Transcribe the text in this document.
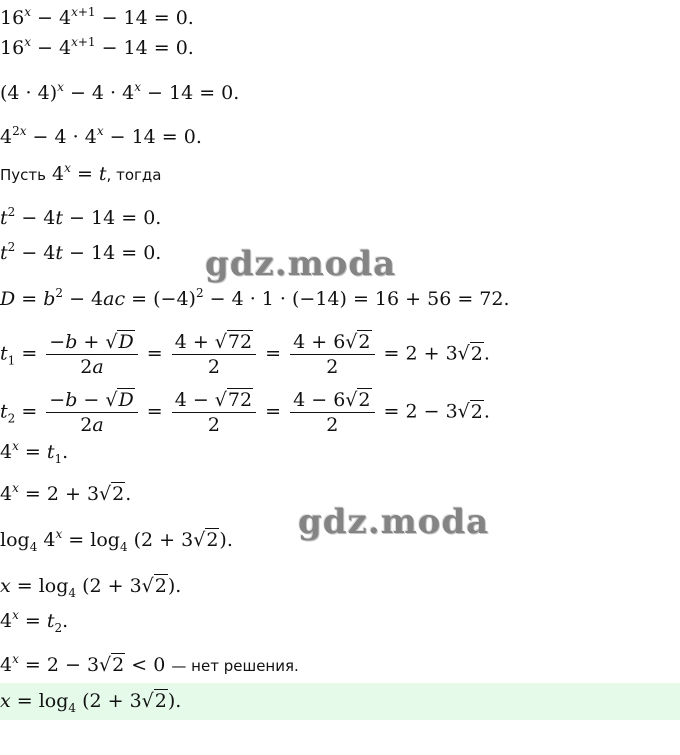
$16^x - 4^{x+1} - 14 = 0$.
$16^x - 4^{x+1} - 14 = 0$.
$(4 \cdot 4)^x - 4 \cdot 4^x - 14 = 0$.
$4^{2x} - 4 \cdot 4^x - 14 = 0$.
Пусть $4^x = t$, тогда
$t^2 - 4t - 14 = 0$.
$t^2 - 4t - 14 = 0$.
$D = b^2 - 4ac = (-4)^2 - 4 \cdot 1 \cdot (-14) = 16 + 56 = 72$.
$t_1 = \frac{-b + √D}{2a} = \frac{4 + √72}{2} = \frac{4 + 6√2}{2} = 2 + 3√2$.
$t_2 = \frac{-b - √D}{2a} = \frac{4 - √72}{2} = \frac{4 - 6√2}{2} = 2 - 3√2$.
$4^x = t_1$.
$4^x = 2 + 3√2$.
$\log_4 4^x = \log_4 (2 + 3√2)$.
$x = \log_4 (2 + 3√2)$.
$4^x = t_2$.
$4^x = 2 - 3√2 < 0$ — нет решения.
$x = \log_4 (2 + 3√2)$.
gdz.moda
gdz.moda
